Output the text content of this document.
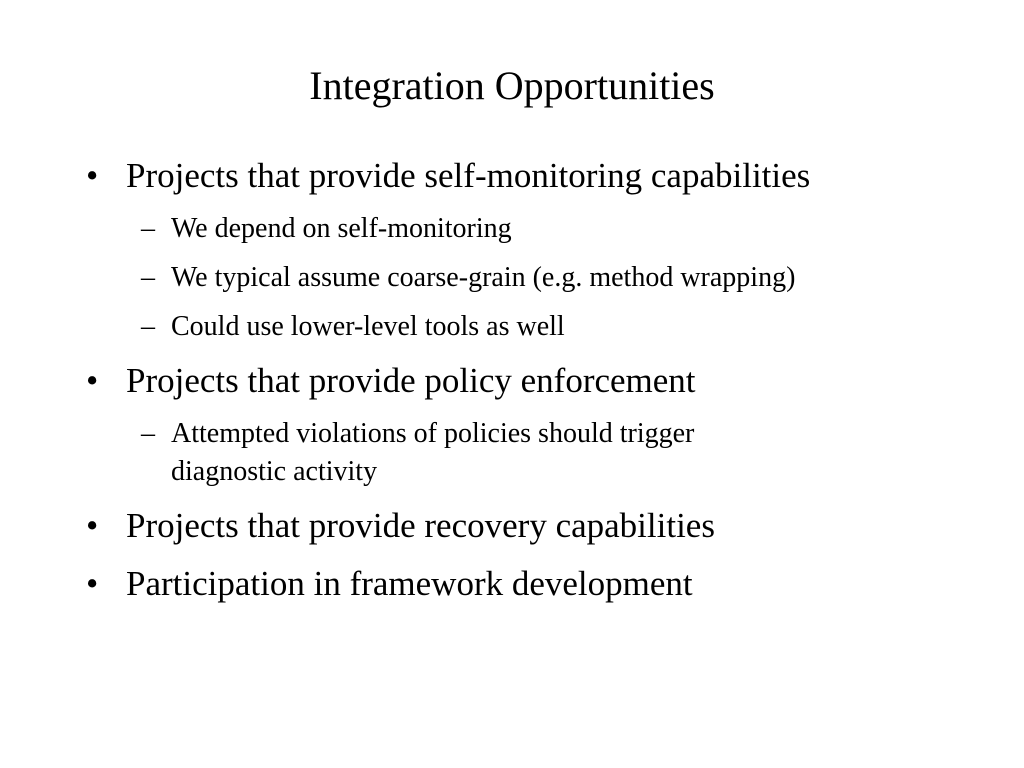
Integration Opportunities
• Projects that provide self-monitoring capabilities
– We depend on self-monitoring
– We typical assume coarse-grain (e.g. method wrapping)
– Could use lower-level tools as well
• Projects that provide policy enforcement
– Attempted violations of policies should trigger
diagnostic activity
• Projects that provide recovery capabilities
• Participation in framework development
